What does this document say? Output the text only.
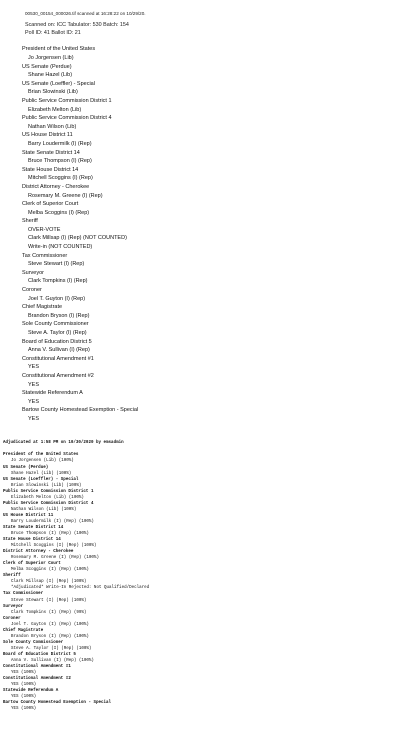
00530_00154_000026.tif scanned at 16:28:22 on 10/29/20.
Scanned on: ICC Tabulator: 530 Batch: 154
Poll ID: 41 Ballot ID: 21
President of the United States
Jo Jorgensen (Lib)
US Senate (Perdue)
Shane Hazel (Lib)
US Senate (Loeffler) - Special
Brian Slowinski (Lib)
Public Service Commission District 1
Elizabeth Melton (Lib)
Public Service Commission District 4
Nathan Wilson (Lib)
US House District 11
Barry Loudermilk (I) (Rep)
State Senate District 14
Bruce Thompson (I) (Rep)
State House District 14
Mitchell Scoggins (I) (Rep)
District Attorney - Cherokee
Rosemary M. Greene (I) (Rep)
Clerk of Superior Court
Melba Scoggins (I) (Rep)
Sheriff
OVER-VOTE
Clark Millsap (I) (Rep) (NOT COUNTED)
Write-in (NOT COUNTED)
Tax Commissioner
Steve Stewart (I) (Rep)
Surveyor
Clark Tompkins (I) (Rep)
Coroner
Joel T. Guyton (I) (Rep)
Chief Magistrate
Brandon Bryson (I) (Rep)
Sole County Commissioner
Steve A. Taylor (I) (Rep)
Board of Education District 5
Anna V. Sullivan (I) (Rep)
Constitutional Amendment #1
YES
Constitutional Amendment #2
YES
Statewide Referendum A
YES
Bartow County Homestead Exemption - Special
YES
Adjudicated at 1:58 PM on 10/30/2020 by emsadmin
President of the United States
Jo Jorgensen (Lib) (100%)
US Senate (Perdue)
Shane Hazel (Lib) (100%)
US Senate (Loeffler) - Special
Brian Slowinski (Lib) (100%)
Public Service Commission District 1
Elizabeth Melton (Lib) (100%)
Public Service Commission District 4
Nathan Wilson (Lib) (100%)
US House District 11
Barry Loudermilk (I) (Rep) (100%)
State Senate District 14
Bruce Thompson (I) (Rep) (100%)
State House District 14
Mitchell Scoggins (I) (Rep) (100%)
District Attorney - Cherokee
Rosemary M. Greene (I) (Rep) (100%)
Clerk of Superior Court
Melba Scoggins (I) (Rep) (100%)
Sheriff
Clark Millsap (I) (Rep) (100%)
*Adjudicated* Write-In Rejected: Not Qualified/Declared
Tax Commissioner
Steve Stewart (I) (Rep) (100%)
Surveyor
Clark Tompkins (I) (Rep) (99%)
Coroner
Joel T. Guyton (I) (Rep) (100%)
Chief Magistrate
Brandon Bryson (I) (Rep) (100%)
Sole County Commissioner
Steve A. Taylor (I) (Rep) (100%)
Board of Education District 5
Anna V. Sullivan (I) (Rep) (100%)
Constitutional Amendment #1
YES (100%)
Constitutional Amendment #2
YES (100%)
Statewide Referendum A
YES (100%)
Bartow County Homestead Exemption - Special
YES (100%)
